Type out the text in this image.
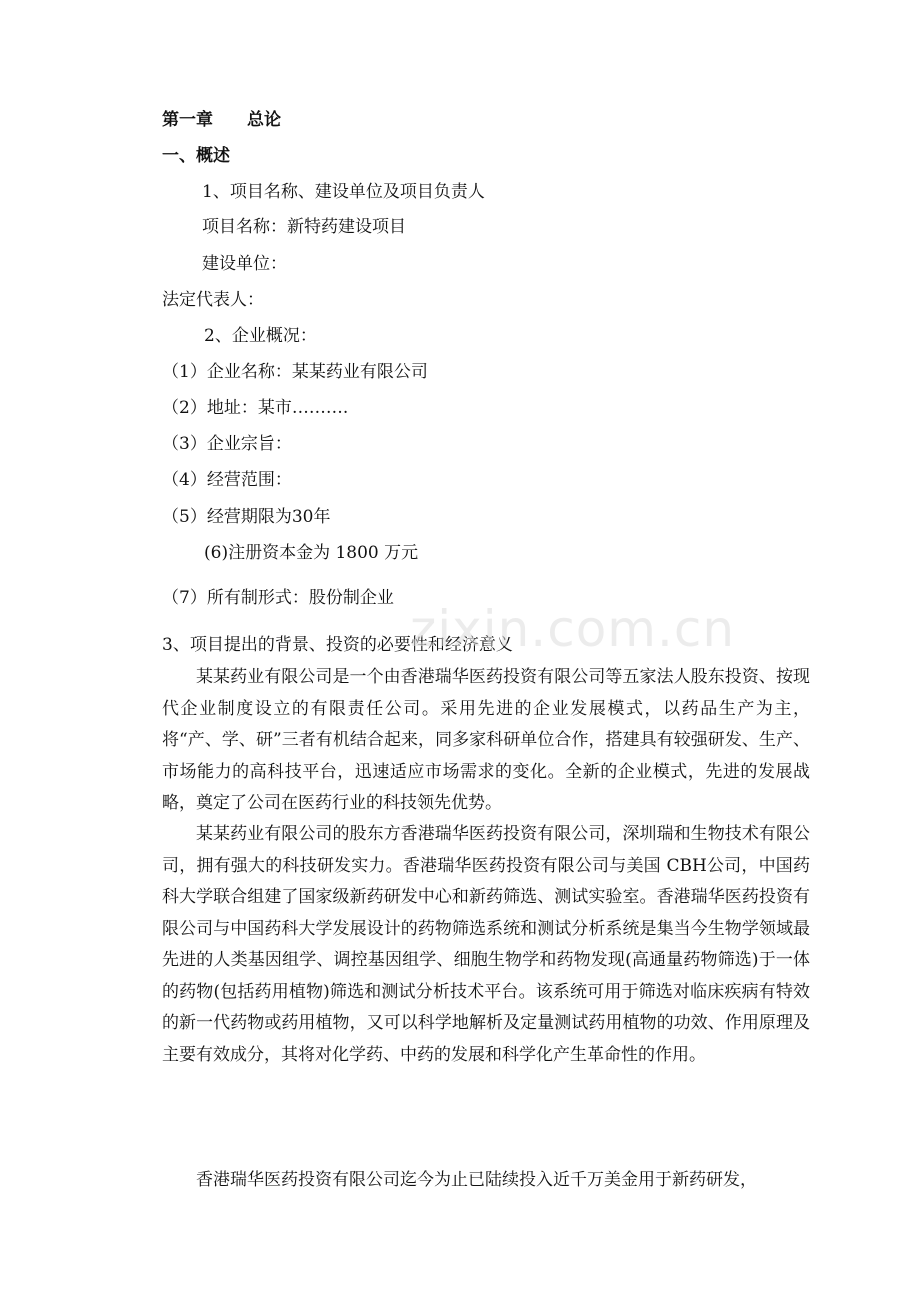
第一章　　总论
一、概述
1、项目名称、建设单位及项目负责人
项目名称：新特药建设项目
建设单位：
法定代表人：
2、企业概况：
（1）企业名称：某某药业有限公司
（2）地址：某市……….
（3）企业宗旨：
（4）经营范围：
（5）经营期限为30年
(6)注册资本金为 1800 万元
（7）所有制形式：股份制企业
3、项目提出的背景、投资的必要性和经济意义
某某药业有限公司是一个由香港瑞华医药投资有限公司等五家法人股东投资、按现代企业制度设立的有限责任公司。采用先进的企业发展模式，以药品生产为主，将“产、学、研”三者有机结合起来，同多家科研单位合作，搭建具有较强研发、生产、市场能力的高科技平台，迅速适应市场需求的变化。全新的企业模式，先进的发展战略，奠定了公司在医药行业的科技领先优势。
某某药业有限公司的股东方香港瑞华医药投资有限公司，深圳瑞和生物技术有限公司，拥有强大的科技研发实力。香港瑞华医药投资有限公司与美国 CBH公司，中国药科大学联合组建了国家级新药研发中心和新药筛选、测试实验室。香港瑞华医药投资有限公司与中国药科大学发展设计的药物筛选系统和测试分析系统是集当今生物学领域最先进的人类基因组学、调控基因组学、细胞生物学和药物发现(高通量药物筛选)于一体的药物(包括药用植物)筛选和测试分析技术平台。该系统可用于筛选对临床疾病有特效的新一代药物或药用植物，又可以科学地解析及定量测试药用植物的功效、作用原理及主要有效成分，其将对化学药、中药的发展和科学化产生革命性的作用。
香港瑞华医药投资有限公司迄今为止已陆续投入近千万美金用于新药研发，
zixin.com.cn
